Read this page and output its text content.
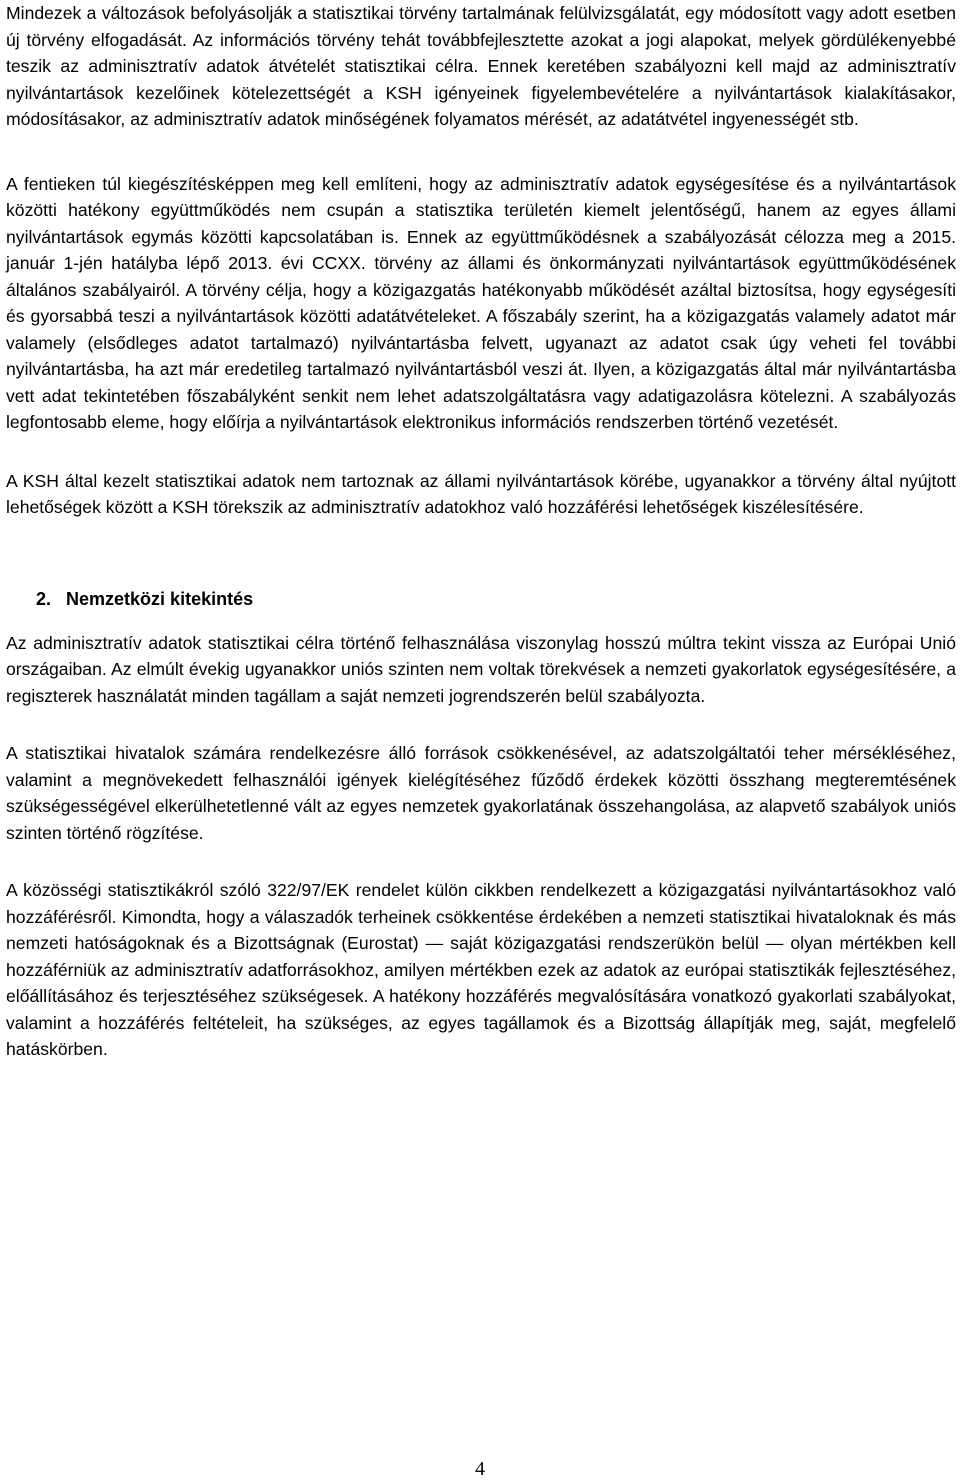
Mindezek a változások befolyásolják a statisztikai törvény tartalmának felülvizsgálatát, egy módosított vagy adott esetben új törvény elfogadását. Az információs törvény tehát továbbfejlesztette azokat a jogi alapokat, melyek gördülékenyebbé teszik az adminisztratív adatok átvételét statisztikai célra. Ennek keretében szabályozni kell majd az adminisztratív nyilvántartások kezelőinek kötelezettségét a KSH igényeinek figyelembevételére a nyilvántartások kialakításakor, módosításakor, az adminisztratív adatok minőségének folyamatos mérését, az adatátvétel ingyenességét stb.

A fentieken túl kiegészítésképpen meg kell említeni, hogy az adminisztratív adatok egységesítése és a nyilvántartások közötti hatékony együttműködés nem csupán a statisztika területén kiemelt jelentőségű, hanem az egyes állami nyilvántartások egymás közötti kapcsolatában is. Ennek az együttműködésnek a szabályozását célozza meg a 2015. január 1-jén hatályba lépő 2013. évi CCXX. törvény az állami és önkormányzati nyilvántartások együttműködésének általános szabályairól. A törvény célja, hogy a közigazgatás hatékonyabb működését azáltal biztosítsa, hogy egységesíti és gyorsabbá teszi a nyilvántartások közötti adatátvételeket. A főszabály szerint, ha a közigazgatás valamely adatot már valamely (elsődleges adatot tartalmazó) nyilvántartásba felvett, ugyanazt az adatot csak úgy veheti fel további nyilvántartásba, ha azt már eredetileg tartalmazó nyilvántartásból veszi át. Ilyen, a közigazgatás által már nyilvántartásba vett adat tekintetében főszabályként senkit nem lehet adatszolgáltatásra vagy adatigazolásra kötelezni. A szabályozás legfontosabb eleme, hogy előírja a nyilvántartások elektronikus információs rendszerben történő vezetését.

A KSH által kezelt statisztikai adatok nem tartoznak az állami nyilvántartások körébe, ugyanakkor a törvény által nyújtott lehetőségek között a KSH törekszik az adminisztratív adatokhoz való hozzáférési lehetőségek kiszélesítésére.

2. Nemzetközi kitekintés

Az adminisztratív adatok statisztikai célra történő felhasználása viszonylag hosszú múltra tekint vissza az Európai Unió országaiban. Az elmúlt évekig ugyanakkor uniós szinten nem voltak törekvések a nemzeti gyakorlatok egységesítésére, a regiszterek használatát minden tagállam a saját nemzeti jogrendszerén belül szabályozta.

A statisztikai hivatalok számára rendelkezésre álló források csökkenésével, az adatszolgáltatói teher mérsékléséhez, valamint a megnövekedett felhasználói igények kielégítéséhez fűződő érdekek közötti összhang megteremtésének szükségességével elkerülhetetlenné vált az egyes nemzetek gyakorlatának összehangolása, az alapvető szabályok uniós szinten történő rögzítése.

A közösségi statisztikákról szóló 322/97/EK rendelet külön cikkben rendelkezett a közigazgatási nyilvántartásokhoz való hozzáférésről. Kimondta, hogy a válaszadók terheinek csökkentése érdekében a nemzeti statisztikai hivataloknak és más nemzeti hatóságoknak és a Bizottságnak (Eurostat) — saját közigazgatási rendszerükön belül — olyan mértékben kell hozzáférniük az adminisztratív adatforrásokhoz, amilyen mértékben ezek az adatok az európai statisztikák fejlesztéséhez, előállításához és terjesztéséhez szükségesek. A hatékony hozzáférés megvalósítására vonatkozó gyakorlati szabályokat, valamint a hozzáférés feltételeit, ha szükséges, az egyes tagállamok és a Bizottság állapítják meg, saját, megfelelő hatáskörben.

4
